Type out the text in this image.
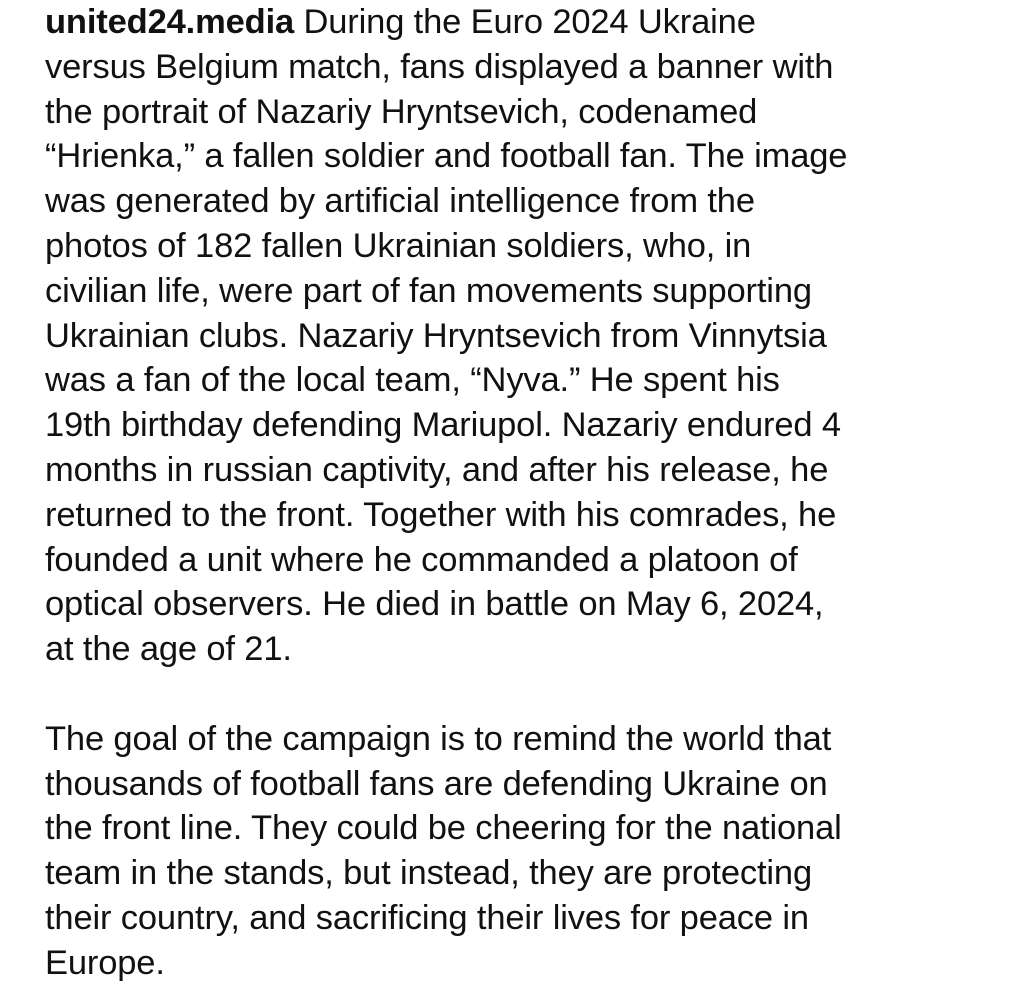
united24.media During the Euro 2024 Ukraine
versus Belgium match, fans displayed a banner with
the portrait of Nazariy Hryntsevich, codenamed
“Hrienka,” a fallen soldier and football fan. The image
was generated by artificial intelligence from the
photos of 182 fallen Ukrainian soldiers, who, in
civilian life, were part of fan movements supporting
Ukrainian clubs. Nazariy Hryntsevich from Vinnytsia
was a fan of the local team, “Nyva.” He spent his
19th birthday defending Mariupol. Nazariy endured 4
months in russian captivity, and after his release, he
returned to the front. Together with his comrades, he
founded a unit where he commanded a platoon of
optical observers. He died in battle on May 6, 2024,
at the age of 21.
The goal of the campaign is to remind the world that
thousands of football fans are defending Ukraine on
the front line. They could be cheering for the national
team in the stands, but instead, they are protecting
their country, and sacrificing their lives for peace in
Europe.
